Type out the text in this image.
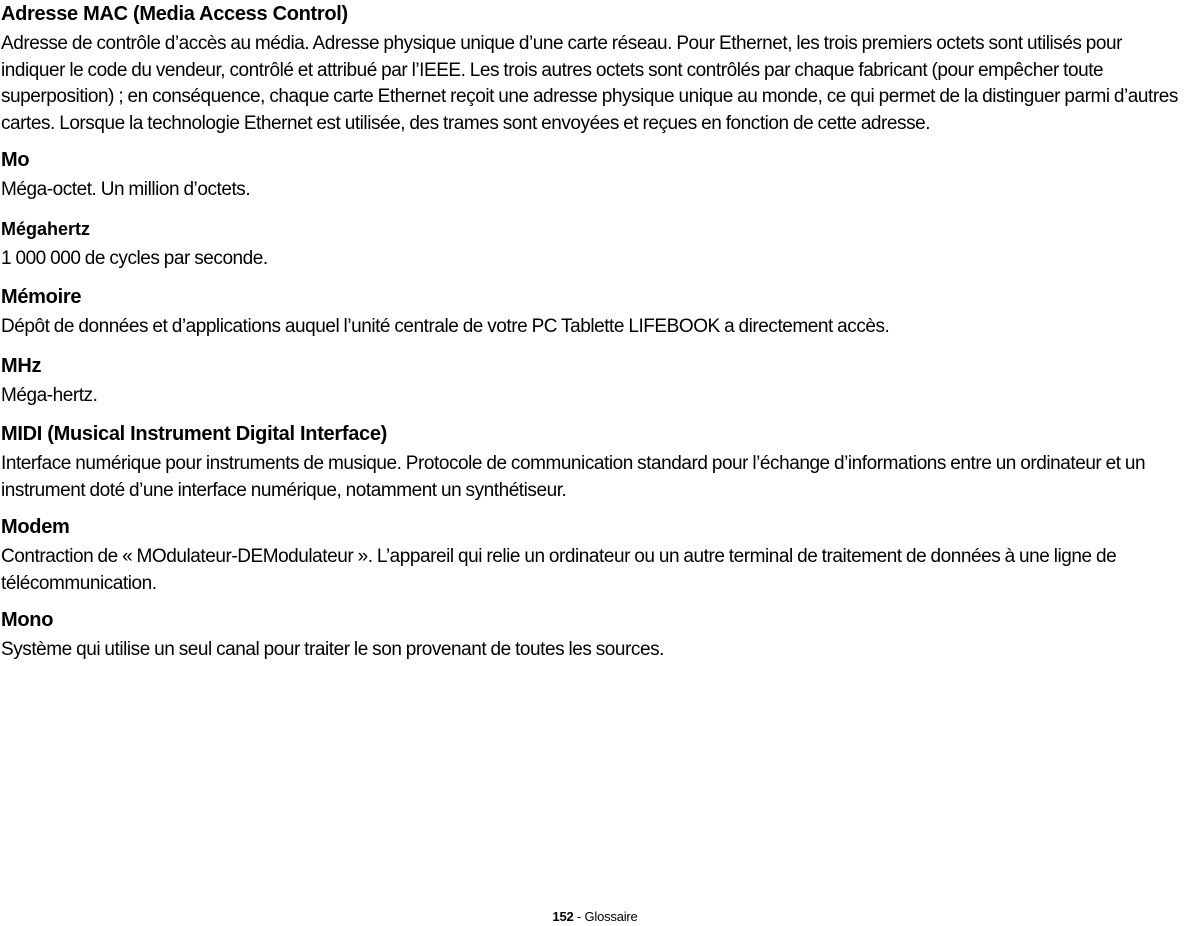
Adresse MAC (Media Access Control)

Adresse de contrôle d’accès au média. Adresse physique unique d’une carte réseau. Pour Ethernet, les trois premiers octets sont utilisés pour indiquer le code du vendeur, contrôlé et attribué par l’IEEE. Les trois autres octets sont contrôlés par chaque fabricant (pour empêcher toute superposition) ; en conséquence, chaque carte Ethernet reçoit une adresse physique unique au monde, ce qui permet de la distinguer parmi d’autres cartes. Lorsque la technologie Ethernet est utilisée, des trames sont envoyées et reçues en fonction de cette adresse.

Mo

Méga-octet. Un million d’octets.

Mégahertz

1 000 000 de cycles par seconde.

Mémoire

Dépôt de données et d’applications auquel l’unité centrale de votre PC Tablette LIFEBOOK a directement accès.

MHz

Méga-hertz.

MIDI (Musical Instrument Digital Interface)

Interface numérique pour instruments de musique. Protocole de communication standard pour l’échange d’informations entre un ordinateur et un instrument doté d’une interface numérique, notamment un synthétiseur.

Modem

Contraction de « MOdulateur-DEModulateur ». L’appareil qui relie un ordinateur ou un autre terminal de traitement de données à une ligne de télécommunication.

Mono

Système qui utilise un seul canal pour traiter le son provenant de toutes les sources.

152 - Glossaire
